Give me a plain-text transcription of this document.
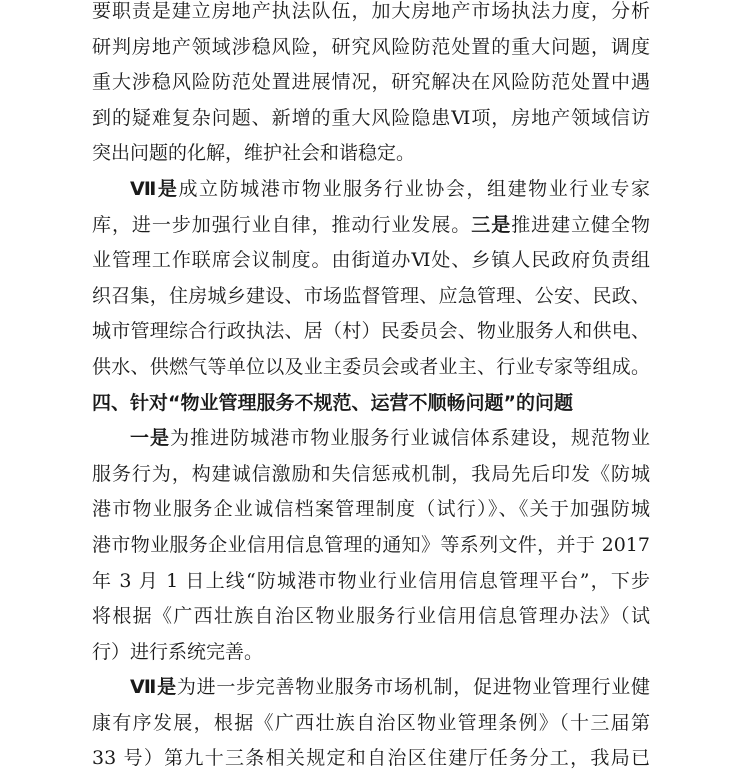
要职责是建立房地产执法队伍，加大房地产市场执法力度，分析
研判房地产领域涉稳风险，研究风险防范处置的重大问题，调度
重大涉稳风险防范处置进展情况，研究解决在风险防范处置中遇
到的疑难复杂问题、新增的重大风险隐患Ⅵ项，房地产领域信访
突出问题的化解，维护社会和谐稳定。
Ⅶ是成立防城港市物业服务行业协会，组建物业行业专家
库，进一步加强行业自律，推动行业发展。三是推进建立健全物
业管理工作联席会议制度。由街道办Ⅵ处、乡镇人民政府负责组
织召集，住房城乡建设、市场监督管理、应急管理、公安、民政、
城市管理综合行政执法、居（村）民委员会、物业服务人和供电、
供水、供燃气等单位以及业主委员会或者业主、行业专家等组成。
四、针对“物业管理服务不规范、运营不顺畅问题”的问题
一是为推进防城港市物业服务行业诚信体系建设，规范物业
服务行为，构建诚信激励和失信惩戒机制，我局先后印发《防城
港市物业服务企业诚信档案管理制度（试行）》、《关于加强防城
港市物业服务企业信用信息管理的通知》等系列文件，并于 2017
年 3 月 1 日上线“防城港市物业行业信用信息管理平台”，下步
将根据《广西壮族自治区物业服务行业信用信息管理办法》（试
行）进行系统完善。
Ⅶ是为进一步完善物业服务市场机制，促进物业管理行业健
康有序发展，根据《广西壮族自治区物业管理条例》（十三届第
33 号）第九十三条相关规定和自治区住建厅任务分工，我局已
